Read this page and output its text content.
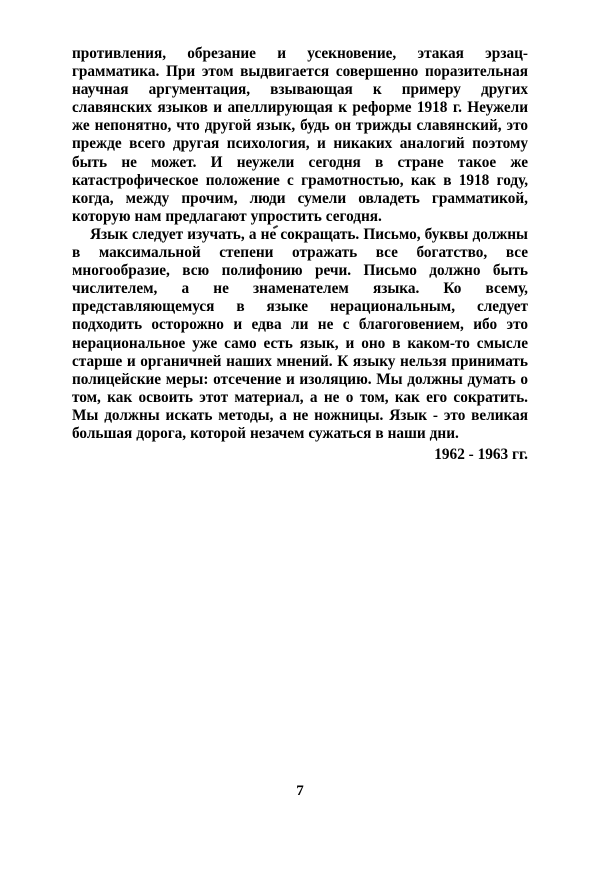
противления, обрезание и усекновение, этакая эрзац-грамматика. При этом выдвигается совершенно поразительная научная аргументация, взывающая к примеру других славянских языков и апеллирующая к реформе 1918 г. Неужели же непонятно, что другой язык, будь он трижды славянский, это прежде всего другая психология, и никаких аналогий поэтому быть не может. И неужели сегодня в стране такое же катастрофическое положение с грамотностью, как в 1918 году, когда, между прочим, люди сумели овладеть грамматикой, которую нам предлагают упростить сегодня.

Язык следует изучать, а не сокращать. Письмо, буквы должны в максимальной степени отражать все богатство, все многообразие, всю полифонию речи. Письмо должно быть числителем, а не знаменателем языка. Ко всему, представляющемуся в языке нерациональным, следует подходить осторожно и едва ли не с благоговением, ибо это нерациональное уже само есть язык, и оно в каком-то смысле старше и органичней наших мнений. К языку нельзя принимать полицейские меры: отсечение и изоляцию. Мы должны думать о том, как освоить этот материал, а не о том, как его сократить. Мы должны искать методы, а не ножницы. Язык - это великая большая дорога, которой незачем сужаться в наши дни.

1962 - 1963 гг.
7
